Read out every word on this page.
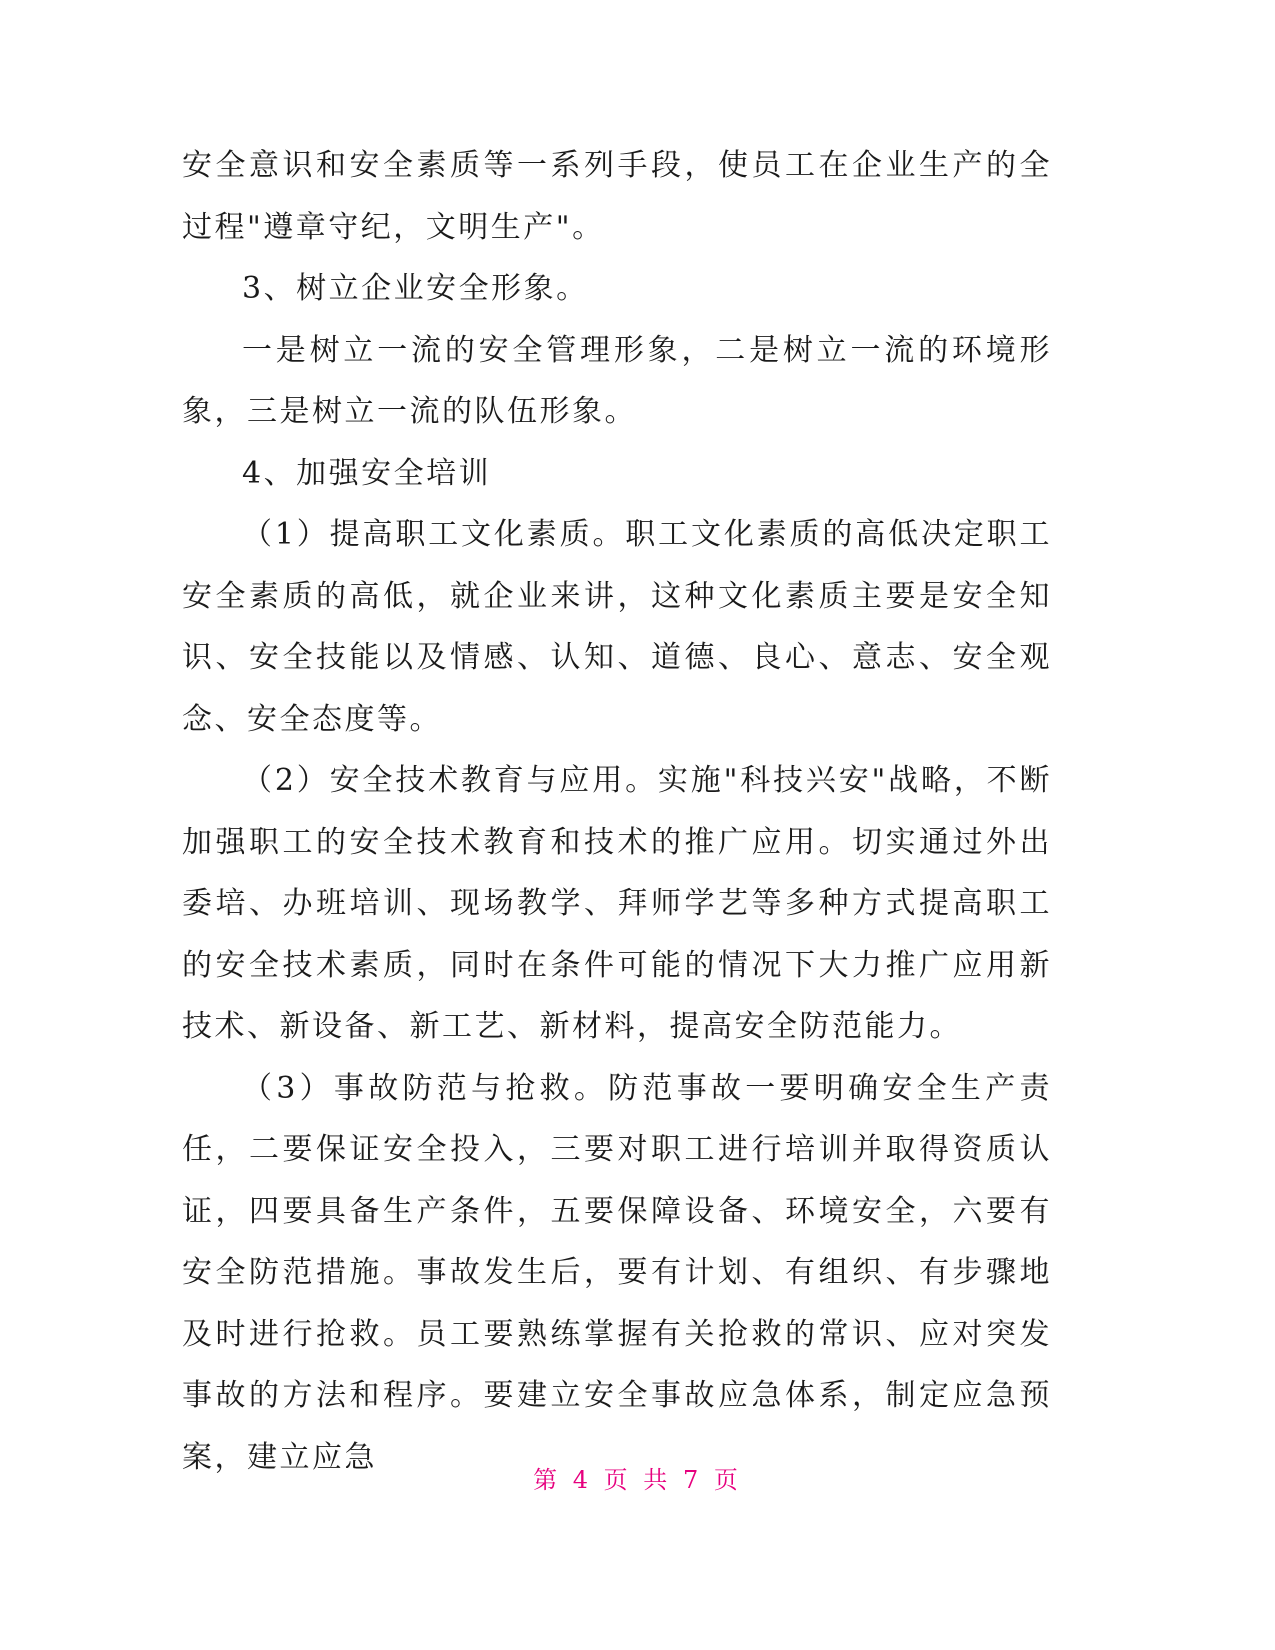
安全意识和安全素质等一系列手段，使员工在企业生产的全过程"遵章守纪，文明生产"。

3、树立企业安全形象。

一是树立一流的安全管理形象，二是树立一流的环境形象，三是树立一流的队伍形象。

4、加强安全培训

（1）提高职工文化素质。职工文化素质的高低决定职工安全素质的高低，就企业来讲，这种文化素质主要是安全知识、安全技能以及情感、认知、道德、良心、意志、安全观念、安全态度等。

（2）安全技术教育与应用。实施"科技兴安"战略，不断加强职工的安全技术教育和技术的推广应用。切实通过外出委培、办班培训、现场教学、拜师学艺等多种方式提高职工的安全技术素质，同时在条件可能的情况下大力推广应用新技术、新设备、新工艺、新材料，提高安全防范能力。

（3）事故防范与抢救。防范事故一要明确安全生产责任，二要保证安全投入，三要对职工进行培训并取得资质认证，四要具备生产条件，五要保障设备、环境安全，六要有安全防范措施。事故发生后，要有计划、有组织、有步骤地及时进行抢救。员工要熟练掌握有关抢救的常识、应对突发事故的方法和程序。要建立安全事故应急体系，制定应急预案，建立应急

第 4 页 共 7 页
